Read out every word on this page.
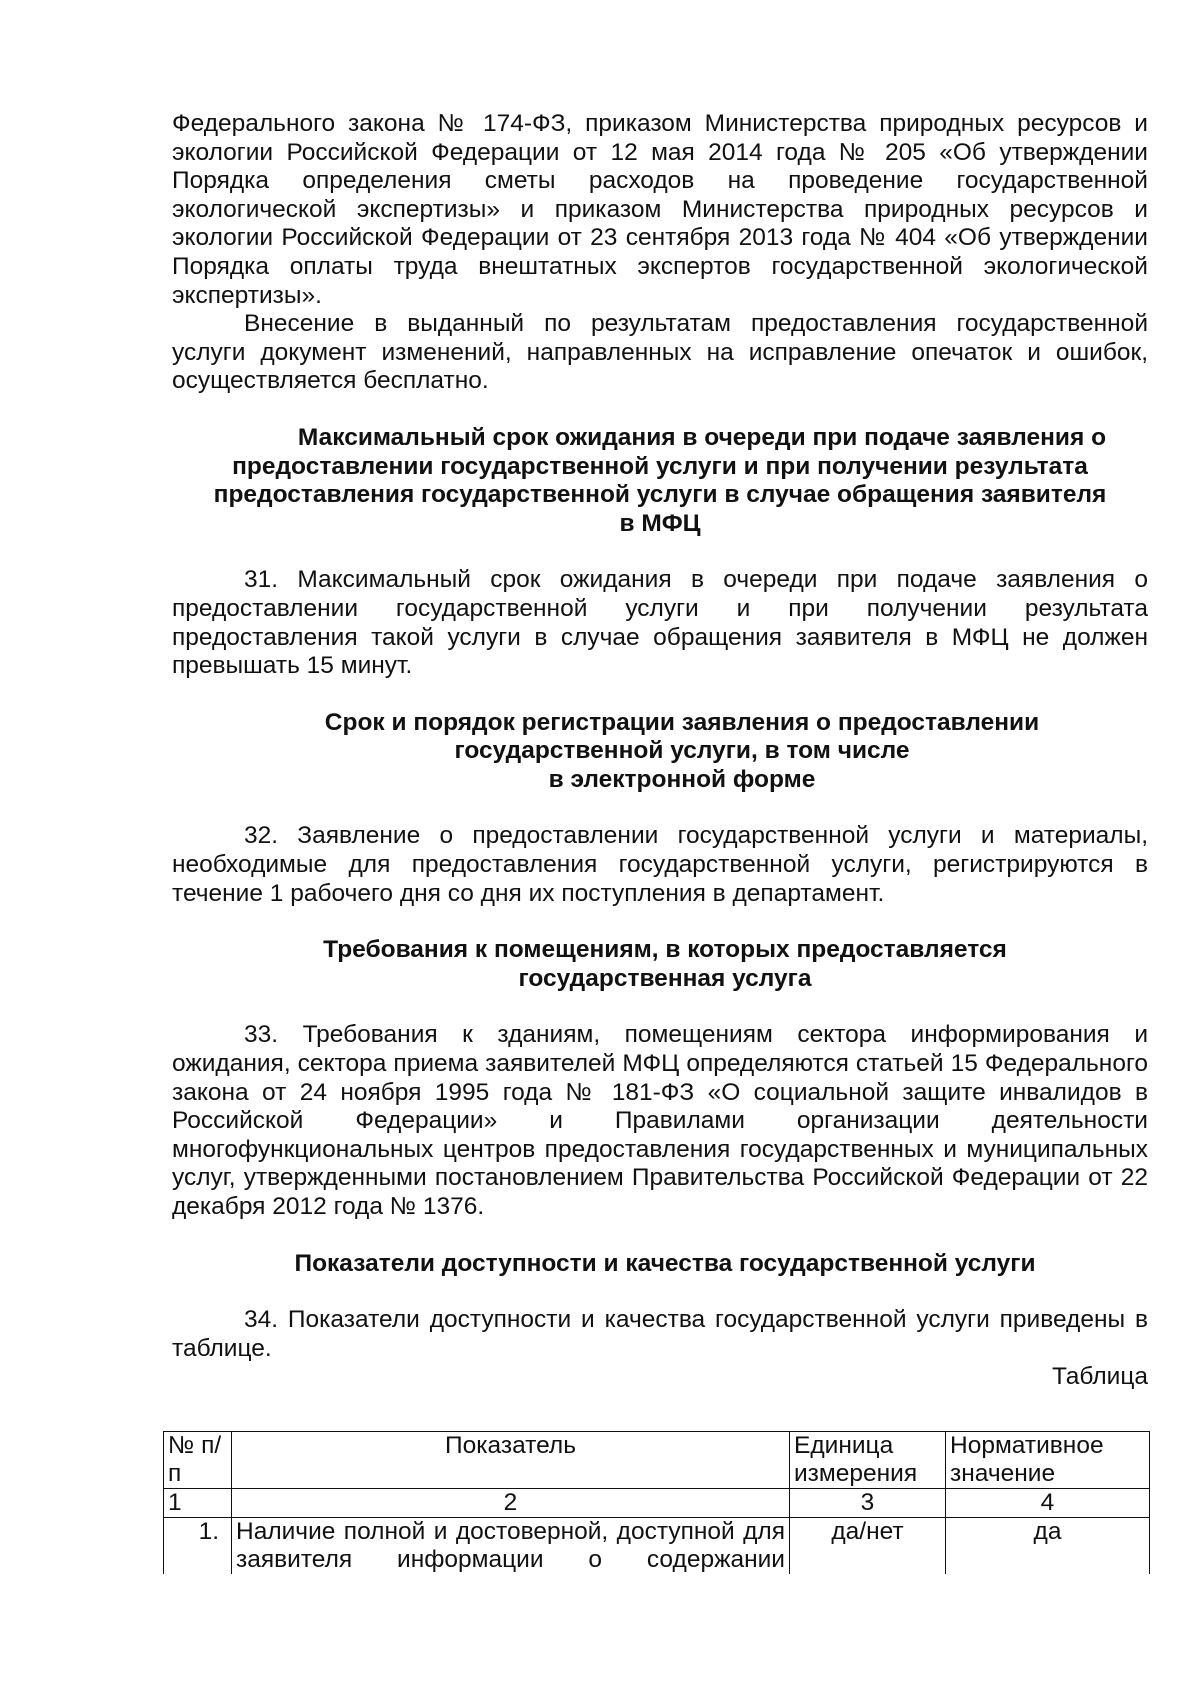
Федерального закона № 174-ФЗ, приказом Министерства природных ресурсов и экологии Российской Федерации от 12 мая 2014 года № 205 «Об утверждении Порядка определения сметы расходов на проведение государственной экологической экспертизы» и приказом Министерства природных ресурсов и экологии Российской Федерации от 23 сентября 2013 года № 404 «Об утверждении Порядка оплаты труда внештатных экспертов государственной экологической экспертизы».

Внесение в выданный по результатам предоставления государственной услуги документ изменений, направленных на исправление опечаток и ошибок, осуществляется бесплатно.

Максимальный срок ожидания в очереди при подаче заявления о
предоставлении государственной услуги и при получении результата
предоставления государственной услуги в случае обращения заявителя
в МФЦ

31. Максимальный срок ожидания в очереди при подаче заявления о предоставлении государственной услуги и при получении результата предоставления такой услуги в случае обращения заявителя в МФЦ не должен превышать 15 минут.

Срок и порядок регистрации заявления о предоставлении
государственной услуги, в том числе
в электронной форме

32. Заявление о предоставлении государственной услуги и материалы, необходимые для предоставления государственной услуги, регистрируются в течение 1 рабочего дня со дня их поступления в департамент.

Требования к помещениям, в которых предоставляется
государственная услуга

33. Требования к зданиям, помещениям сектора информирования и ожидания, сектора приема заявителей МФЦ определяются статьей 15 Федерального закона от 24 ноября 1995 года № 181-ФЗ «О социальной защите инвалидов в Российской Федерации» и Правилами организации деятельности многофункциональных центров предоставления государственных и муниципальных услуг, утвержденными постановлением Правительства Российской Федерации от 22 декабря 2012 года № 1376.

Показатели доступности и качества государственной услуги

34. Показатели доступности и качества государственной услуги приведены в таблице.

Таблица

№ п/п	Показатель	Единица измерения	Нормативное значение
1	2	3	4
1.	Наличие полной и достоверной, доступной для заявителя информации о содержании	да/нет	да
